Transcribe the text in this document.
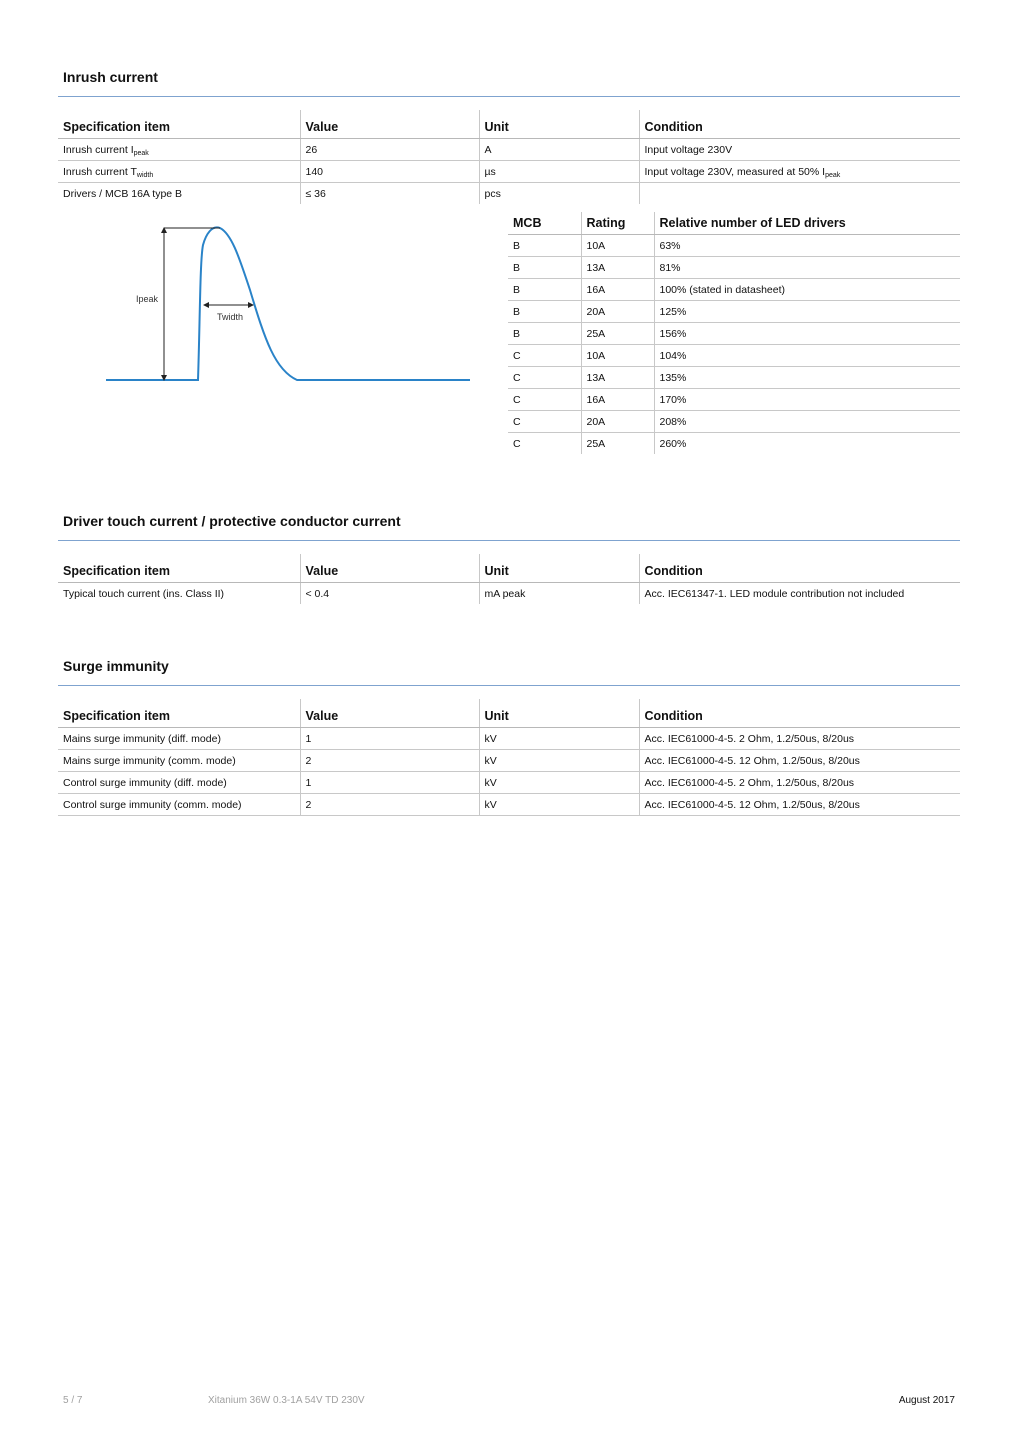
Inrush current
Specification item	Value	Unit	Condition
Inrush current $I_{peak}$	26	A	Input voltage 230V
Inrush current $T_{width}$	140	µs	Input voltage 230V, measured at 50% $I_{peak}$
Drivers / MCB 16A type B	≤ 36	pcs	
Ipeak
Twidth
MCB	Rating	Relative number of LED drivers
B	10A	63%
B	13A	81%
B	16A	100% (stated in datasheet)
B	20A	125%
B	25A	156%
C	10A	104%
C	13A	135%
C	16A	170%
C	20A	208%
C	25A	260%
Driver touch current / protective conductor current
Specification item	Value	Unit	Condition
Typical touch current (ins. Class II)	< 0.4	mA peak	Acc. IEC61347-1. LED module contribution not included
Surge immunity
Specification item	Value	Unit	Condition
Mains surge immunity (diff. mode)	1	kV	Acc. IEC61000-4-5. 2 Ohm, 1.2/50us, 8/20us
Mains surge immunity (comm. mode)	2	kV	Acc. IEC61000-4-5. 12 Ohm, 1.2/50us, 8/20us
Control surge immunity (diff. mode)	1	kV	Acc. IEC61000-4-5. 2 Ohm, 1.2/50us, 8/20us
Control surge immunity (comm. mode)	2	kV	Acc. IEC61000-4-5. 12 Ohm, 1.2/50us, 8/20us
5 / 7	Xitanium 36W 0.3-1A 54V TD 230V	August 2017
